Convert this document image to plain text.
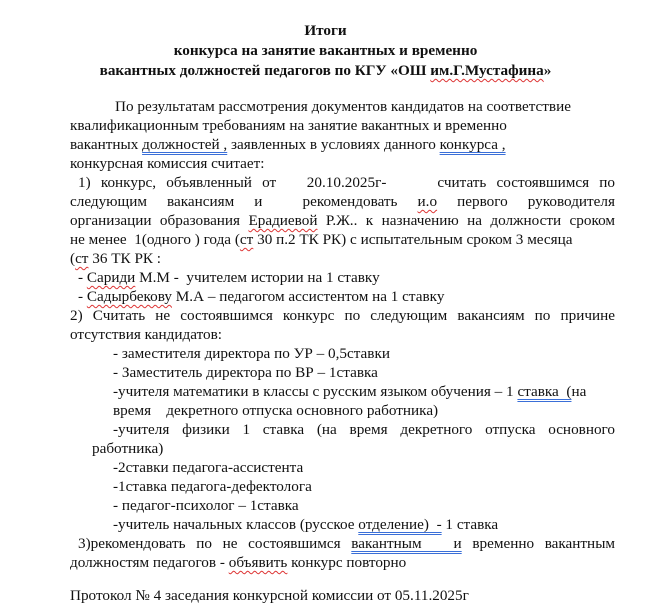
Итоги
конкурса на занятие вакантных и временно
вакантных должностей педагогов по КГУ «ОШ им.Г.Мустафина»
По результатам рассмотрения документов кандидатов на соответствие
квалификационным требованиям на занятие вакантных и временно
вакантных должностей , заявленных в условиях данного конкурса ,
конкурсная комиссия считает:
1) конкурс, объявленный от   20.10.2025г-     считать состоявшимся по
следующим вакансиям и  рекомендовать и.о первого руководителя
организации образования Ерадиевой Р.Ж.. к назначению на должности сроком
не менее  1(одного ) года (ст 30 п.2 ТК РК) с испытательным сроком 3 месяца
(ст 36 ТК РК :
- Сариди М.М -  учителем истории на 1 ставку
- Садырбекову М.А – педагогом ассистентом на 1 ставку
2) Считать не состоявшимся конкурс по следующим вакансиям по причине
отсутствия кандидатов:
- заместителя директора по УР – 0,5ставки
- Заместитель директора по ВР – 1ставка
-учителя математики в классы с русским языком обучения – 1 ставка  (на
время    декретного отпуска основного работника)
-учителя физики 1 ставка (на время декретного отпуска основного
работника)
-2ставки педагога-ассистента
-1ставка педагога-дефектолога
- педагог-психолог – 1ставка
-учитель начальных классов (русское отделение)  - 1 ставка
3)рекомендовать по не состоявшимся вакантным   и временно вакантным
должностям педагогов - объявить конкурс повторно
Протокол № 4 заседания конкурсной комиссии от 05.11.2025г
